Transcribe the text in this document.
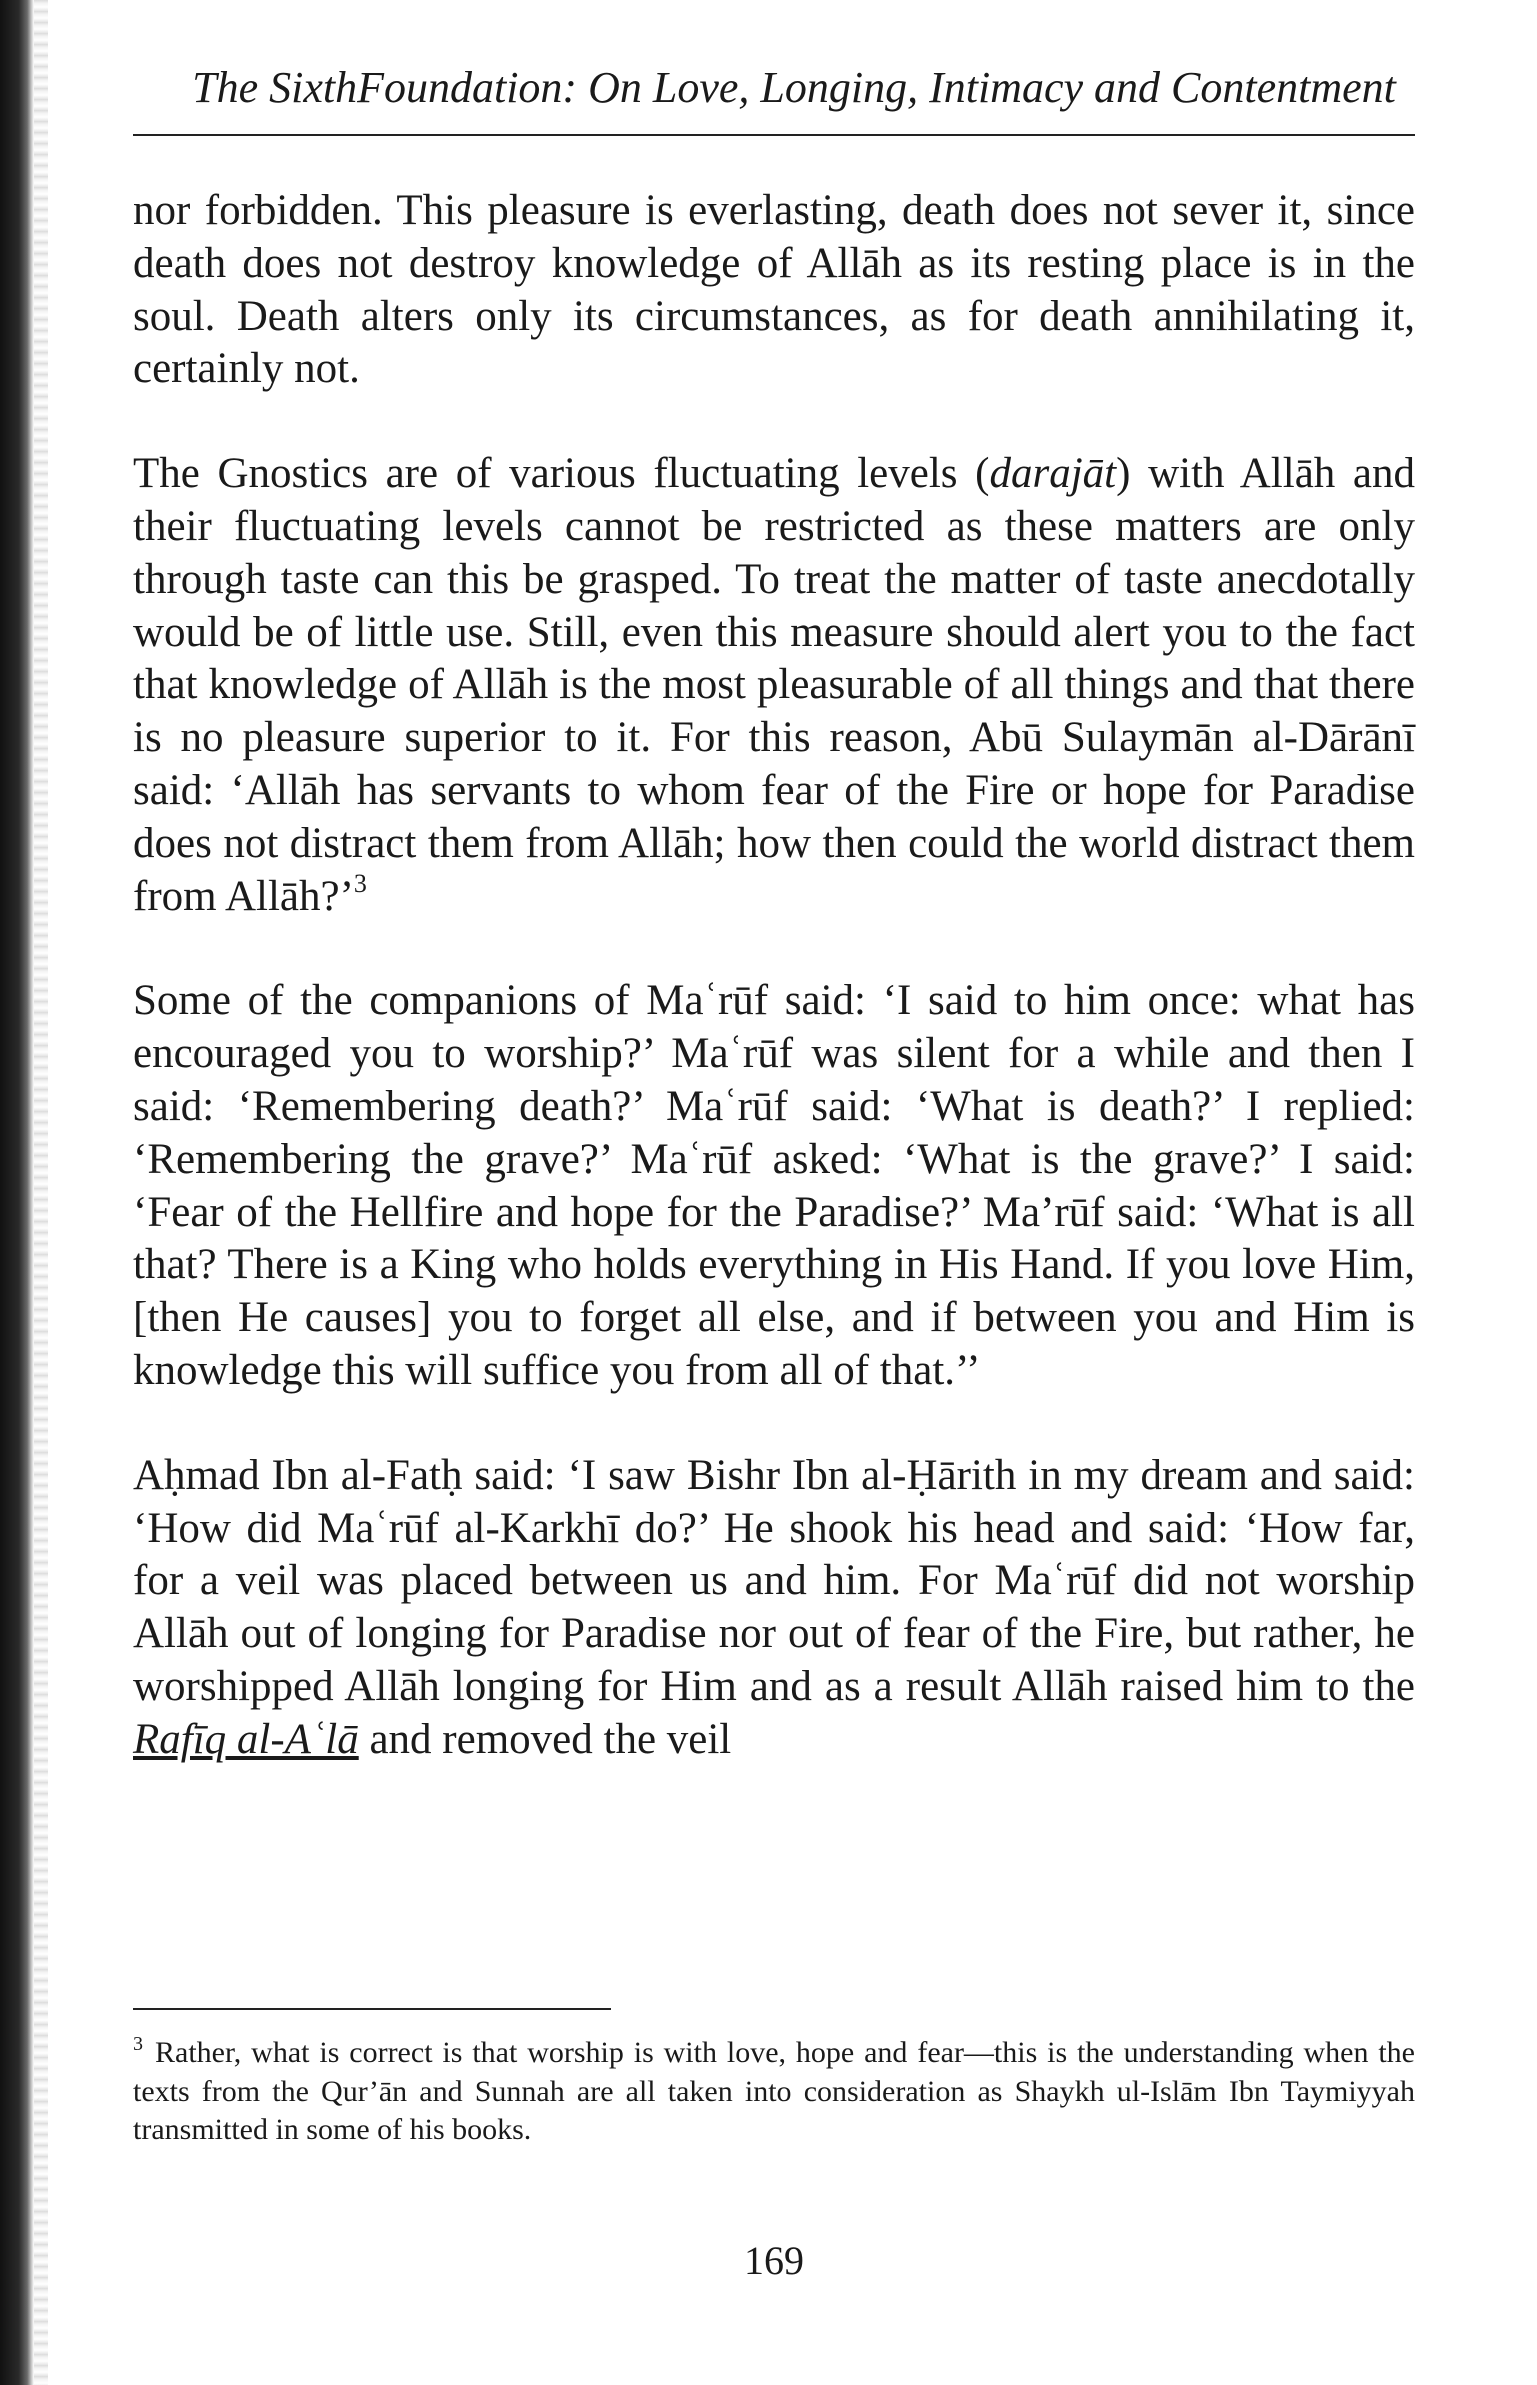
The SixthFoundation: On Love, Longing, Intimacy and Contentment

nor forbidden. This pleasure is everlasting, death does not sever it, since death does not destroy knowledge of Allāh as its resting place is in the soul. Death alters only its circumstances, as for death annihilating it, certainly not.

The Gnostics are of various fluctuating levels (darajāt) with Allāh and their fluctuating levels cannot be restricted as these matters are only through taste can this be grasped. To treat the matter of taste anecdotally would be of little use. Still, even this measure should alert you to the fact that knowledge of Allāh is the most pleasurable of all things and that there is no pleasure superior to it. For this reason, Abū Sulaymān al-Dārānī said: ‘Allāh has servants to whom fear of the Fire or hope for Paradise does not distract them from Allāh; how then could the world distract them from Allāh?’$^3$

Some of the companions of Maʿrūf said: ‘I said to him once: what has encouraged you to worship?’ Maʿrūf was silent for a while and then I said: ‘Remembering death?’ Maʿrūf said: ‘What is death?’ I replied: ‘Remembering the grave?’ Maʿrūf asked: ‘What is the grave?’ I said: ‘Fear of the Hellfire and hope for the Paradise?’ Ma’rūf said: ‘What is all that? There is a King who holds everything in His Hand. If you love Him, [then He causes] you to forget all else, and if between you and Him is knowledge this will suffice you from all of that.’’

Aḥmad Ibn al-Fatḥ said: ‘I saw Bishr Ibn al-Ḥārith in my dream and said: ‘How did Maʿrūf al-Karkhī do?’ He shook his head and said: ‘How far, for a veil was placed between us and him. For Maʿrūf did not worship Allāh out of longing for Paradise nor out of fear of the Fire, but rather, he worshipped Allāh longing for Him and as a result Allāh raised him to the Rafīq al-Aʿlā and removed the veil

$^3$ Rather, what is correct is that worship is with love, hope and fear—this is the understanding when the texts from the Qur’ān and Sunnah are all taken into consideration as Shaykh ul-Islām Ibn Taymiyyah transmitted in some of his books.
169
